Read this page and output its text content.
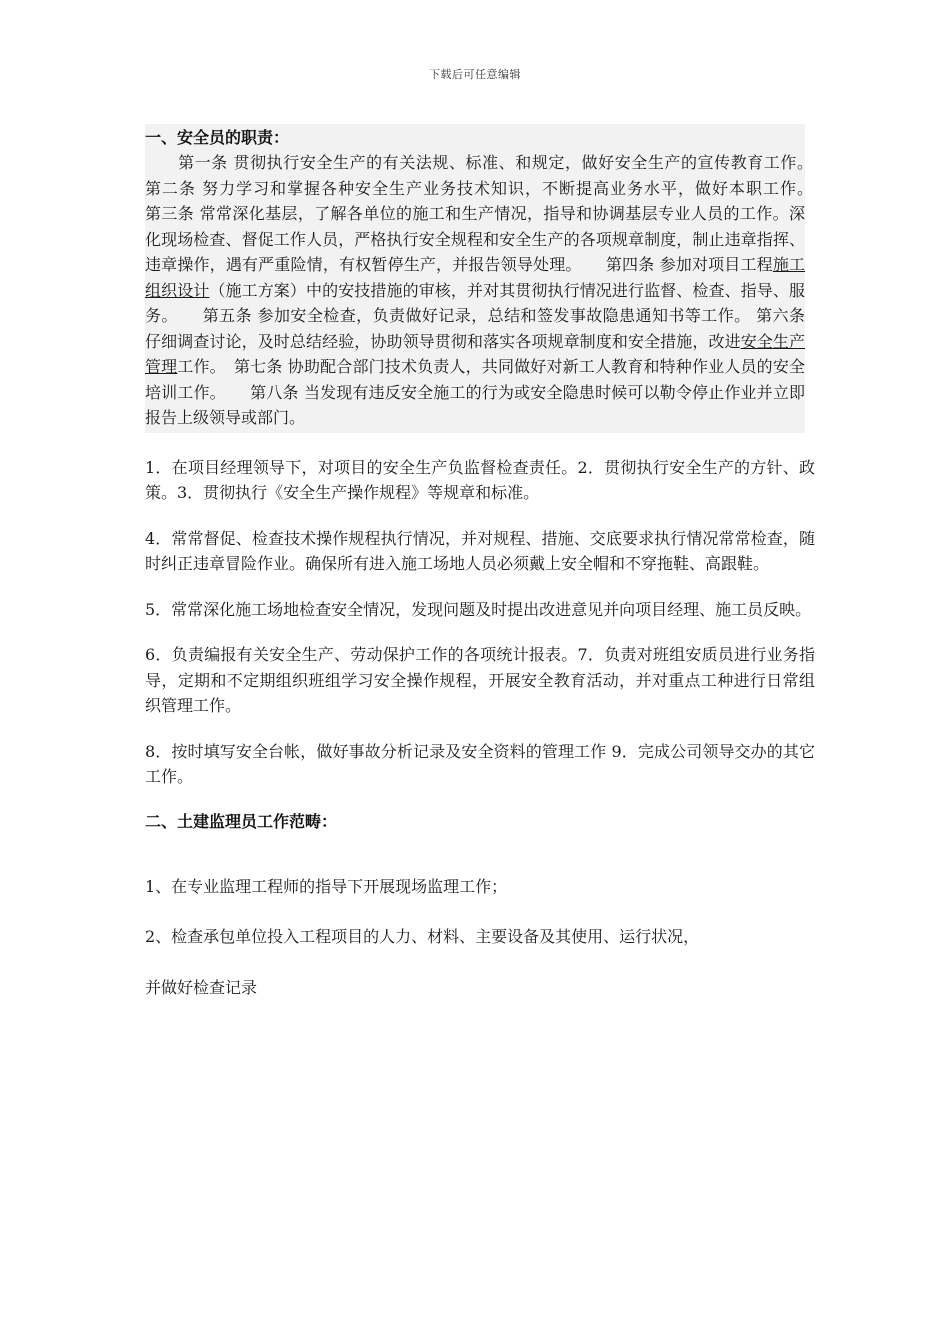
下载后可任意编辑
一、安全员的职责：

　　第一条 贯彻执行安全生产的有关法规、标准、和规定，做好安全生产的宣传教育工作。　　第二条 努力学习和掌握各种安全生产业务技术知识，不断提高业务水平，做好本职工作。　　第三条 常常深化基层，了解各单位的施工和生产情况，指导和协调基层专业人员的工作。深化现场检查、督促工作人员，严格执行安全规程和安全生产的各项规章制度，制止违章指挥、违章操作，遇有严重险情，有权暂停生产，并报告领导处理。　　第四条 参加对项目工程施工组织设计（施工方案）中的安技措施的审核，并对其贯彻执行情况进行监督、检查、指导、服务。　　第五条 参加安全检查，负责做好记录，总结和签发事故隐患通知书等工作。 第六条 仔细调查讨论，及时总结经验，协助领导贯彻和落实各项规章制度和安全措施，改进安全生产管理工作。　第七条 协助配合部门技术负责人，共同做好对新工人教育和特种作业人员的安全培训工作。　　第八条 当发现有违反安全施工的行为或安全隐患时候可以勒令停止作业并立即报告上级领导或部门。

1．在项目经理领导下，对项目的安全生产负监督检查责任。2．贯彻执行安全生产的方针、政策。3．贯彻执行《安全生产操作规程》等规章和标准。

4．常常督促、检查技术操作规程执行情况，并对规程、措施、交底要求执行情况常常检查，随时纠正违章冒险作业。确保所有进入施工场地人员必须戴上安全帽和不穿拖鞋、高跟鞋。

5．常常深化施工场地检查安全情况，发现问题及时提出改进意见并向项目经理、施工员反映。

6．负责编报有关安全生产、劳动保护工作的各项统计报表。7．负责对班组安质员进行业务指导，定期和不定期组织班组学习安全操作规程，开展安全教育活动，并对重点工种进行日常组织管理工作。

8．按时填写安全台帐，做好事故分析记录及安全资料的管理工作 9．完成公司领导交办的其它工作。

二、土建监理员工作范畴：

1、在专业监理工程师的指导下开展现场监理工作；

2、检查承包单位投入工程项目的人力、材料、主要设备及其使用、运行状况，

并做好检查记录
